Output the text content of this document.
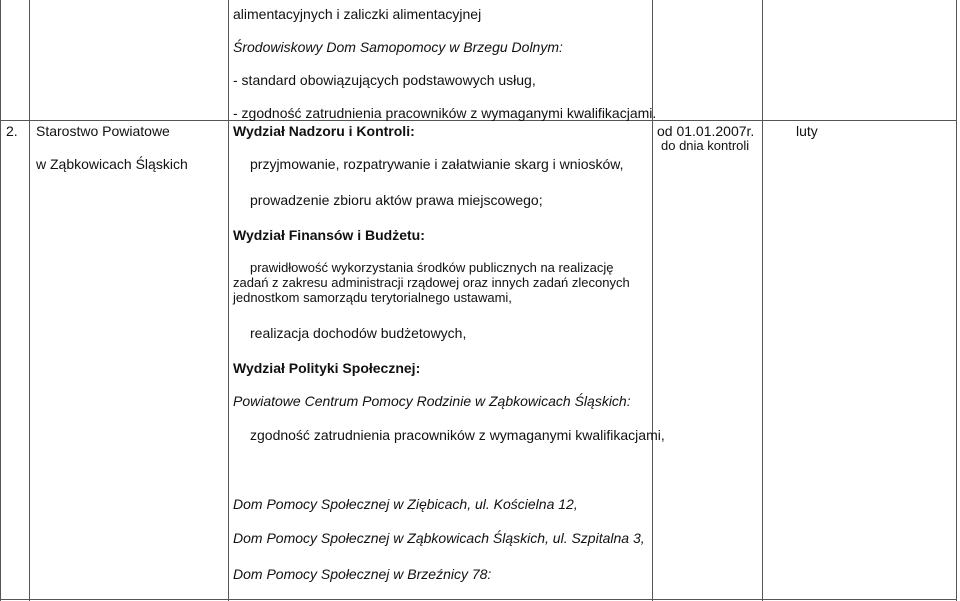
alimentacyjnych i zaliczki alimentacyjnej
Środowiskowy Dom Samopomocy w Brzegu Dolnym:
- standard obowiązujących podstawowych usług,
- zgodność zatrudnienia pracowników z wymaganymi kwalifikacjami.
2. Starostwo Powiatowe
w Ząbkowicach Śląskich
Wydział Nadzoru i Kontroli:
przyjmowanie, rozpatrywanie i załatwianie skarg i wniosków,
prowadzenie zbioru aktów prawa miejscowego;
Wydział Finansów i Budżetu:
prawidłowość wykorzystania środków publicznych na realizację
zadań z zakresu administracji rządowej oraz innych zadań zleconych
jednostkom samorządu terytorialnego ustawami,
realizacja dochodów budżetowych,
Wydział Polityki Społecznej:
Powiatowe Centrum Pomocy Rodzinie w Ząbkowicach Śląskich:
zgodność zatrudnienia pracowników z wymaganymi kwalifikacjami,
Dom Pomocy Społecznej w Ziębicach, ul. Kościelna 12,
Dom Pomocy Społecznej w Ząbkowicach Śląskich, ul. Szpitalna 3,
Dom Pomocy Społecznej w Brzeźnicy 78:
od 01.01.2007r.
do dnia kontroli
luty
